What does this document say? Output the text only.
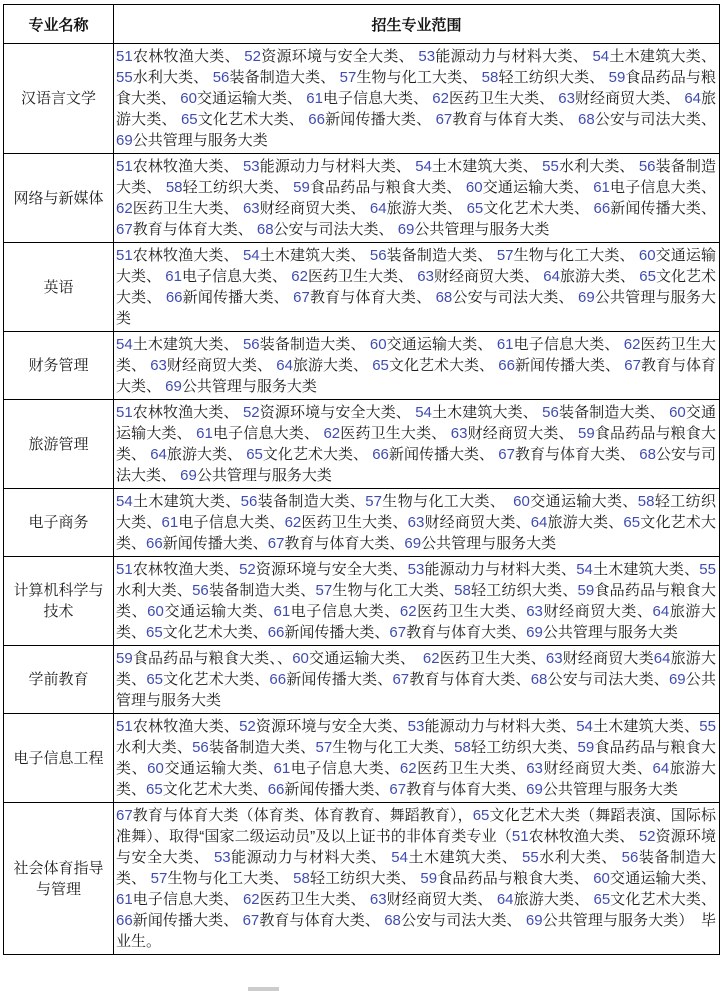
专业名称	招生专业范围
汉语言文学	51农林牧渔大类、 52资源环境与安全大类、 53能源动力与材料大类、 54土木建筑大类、 55水利大类、 56装备制造大类、 57生物与化工大类、 58轻工纺织大类、 59食品药品与粮食大类、 60交通运输大类、 61电子信息大类、 62医药卫生大类、 63财经商贸大类、 64旅游大类、 65文化艺术大类、 66新闻传播大类、 67教育与体育大类、 68公安与司法大类、 69公共管理与服务大类
网络与新媒体	51农林牧渔大类、 53能源动力与材料大类、 54土木建筑大类、 55水利大类、 56装备制造大类、 58轻工纺织大类、 59食品药品与粮食大类、 60交通运输大类、 61电子信息大类、 62医药卫生大类、 63财经商贸大类、 64旅游大类、 65文化艺术大类、 66新闻传播大类、 67教育与体育大类、 68公安与司法大类、 69公共管理与服务大类
英语	51农林牧渔大类、 54土木建筑大类、 56装备制造大类、 57生物与化工大类、 60交通运输大类、 61电子信息大类、 62医药卫生大类、 63财经商贸大类、 64旅游大类、 65文化艺术大类、 66新闻传播大类、 67教育与体育大类、 68公安与司法大类、 69公共管理与服务大类
财务管理	54土木建筑大类、 56装备制造大类、 60交通运输大类、 61电子信息大类、 62医药卫生大类、 63财经商贸大类、 64旅游大类、 65文化艺术大类、 66新闻传播大类、 67教育与体育大类、 69公共管理与服务大类
旅游管理	51农林牧渔大类、 52资源环境与安全大类、 54土木建筑大类、 56装备制造大类、 60交通运输大类、 61电子信息大类、 62医药卫生大类、 63财经商贸大类、 59食品药品与粮食大类、 64旅游大类、 65文化艺术大类、 66新闻传播大类、 67教育与体育大类、 68公安与司法大类、 69公共管理与服务大类
电子商务	54土木建筑大类、56装备制造大类、57生物与化工大类、　60交通运输大类、58轻工纺织大类、61电子信息大类、62医药卫生大类、63财经商贸大类、64旅游大类、65文化艺术大类、66新闻传播大类、67教育与体育大类、69公共管理与服务大类
计算机科学与技术	51农林牧渔大类、52资源环境与安全大类、53能源动力与材料大类、54土木建筑大类、55水利大类、56装备制造大类、57生物与化工大类、58轻工纺织大类、59食品药品与粮食大类、60交通运输大类、61电子信息大类、62医药卫生大类、63财经商贸大类、64旅游大类、65文化艺术大类、66新闻传播大类、67教育与体育大类、69公共管理与服务大类
学前教育	59食品药品与粮食大类、、60交通运输大类、　62医药卫生大类、63财经商贸大类64旅游大类、65文化艺术大类、66新闻传播大类、67教育与体育大类、68公安与司法大类、69公共管理与服务大类
电子信息工程	51农林牧渔大类、52资源环境与安全大类、53能源动力与材料大类、54土木建筑大类、55水利大类、56装备制造大类、57生物与化工大类、58轻工纺织大类、59食品药品与粮食大类、60交通运输大类、61电子信息大类、62医药卫生大类、63财经商贸大类、64旅游大类、65文化艺术大类、66新闻传播大类、67教育与体育大类、69公共管理与服务大类
社会体育指导与管理	67教育与体育大类（体育类、体育教育、舞蹈教育），65文化艺术大类（舞蹈表演、国际标准舞）、取得“国家二级运动员”及以上证书的非体育类专业（51农林牧渔大类、 52资源环境与安全大类、 53能源动力与材料大类、 54土木建筑大类、 55水利大类、 56装备制造大类、 57生物与化工大类、 58轻工纺织大类、 59食品药品与粮食大类、 60交通运输大类、 61电子信息大类、 62医药卫生大类、 63财经商贸大类、 64旅游大类、 65文化艺术大类、 66新闻传播大类、 67教育与体育大类、 68公安与司法大类、 69公共管理与服务大类）　毕业生。
